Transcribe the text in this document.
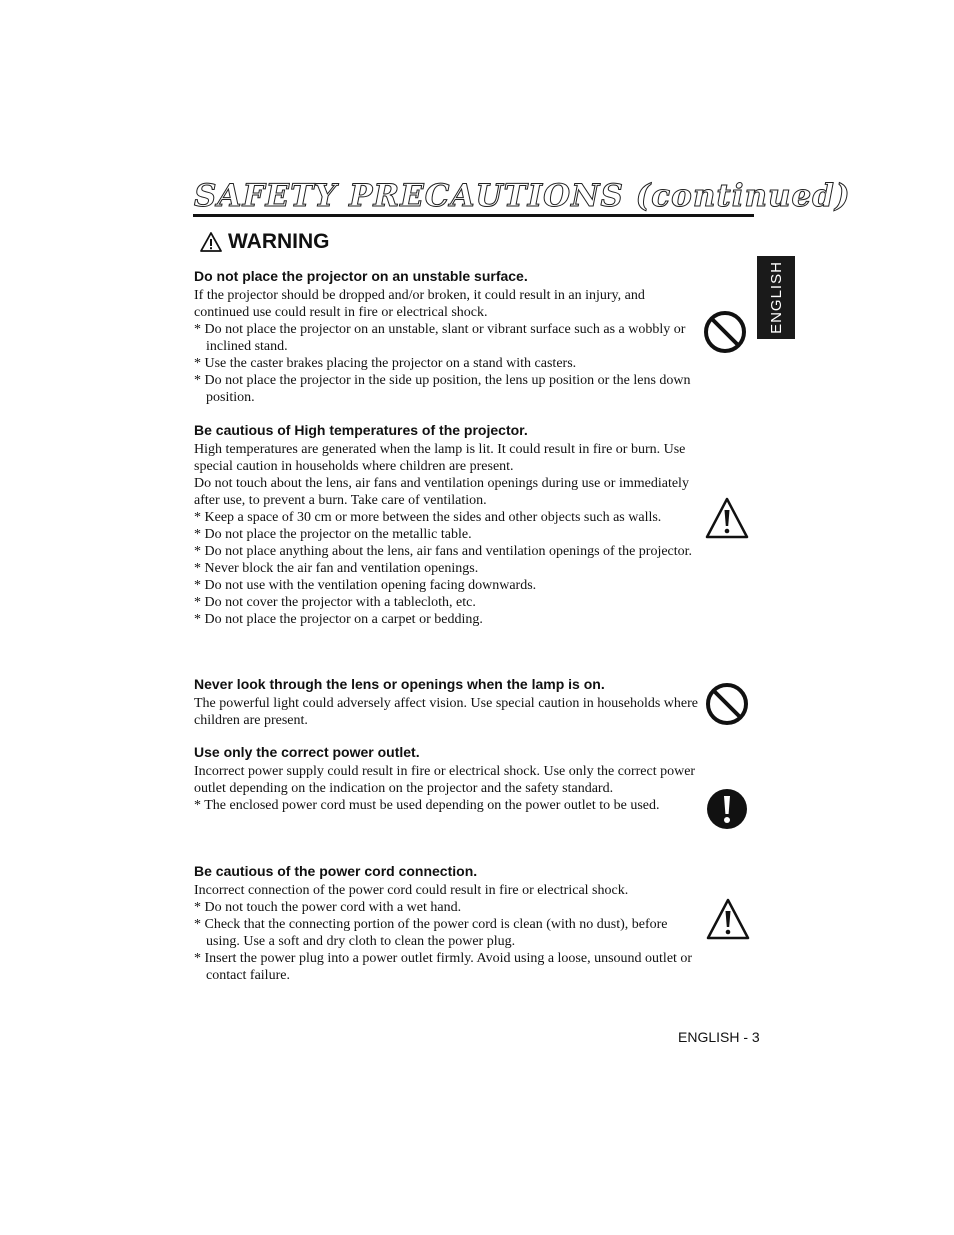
SAFETY PRECAUTIONS (continued)
WARNING
ENGLISH
Do not place the projector on an unstable surface.

If the projector should be dropped and/or broken, it could result in an injury, and continued use could result in fire or electrical shock.

* Do not place the projector on an unstable, slant or vibrant surface such as a wobbly or inclined stand.
* Use the caster brakes placing the projector on a stand with casters.
* Do not place the projector in the side up position, the lens up position or the lens down position.
Be cautious of High temperatures of the projector.

High temperatures are generated when the lamp is lit. It could result in fire or burn. Use special caution in households where children are present.

Do not touch about the lens, air fans and ventilation openings during use or immediately after use, to prevent a burn. Take care of ventilation.

* Keep a space of 30 cm or more between the sides and other objects such as walls.
* Do not place the projector on the metallic table.
* Do not place anything about the lens, air fans and ventilation openings of the projector.
* Never block the air fan and ventilation openings.
* Do not use with the ventilation opening facing downwards.
* Do not cover the projector with a tablecloth, etc.
* Do not place the projector on a carpet or bedding.
Never look through the lens or openings when the lamp is on.

The powerful light could adversely affect vision. Use special caution in households where children are present.

Use only the correct power outlet.

Incorrect power supply could result in fire or electrical shock. Use only the correct power outlet depending on the indication on the projector and the safety standard.

* The enclosed power cord must be used depending on the power outlet to be used.
Be cautious of the power cord connection.

Incorrect connection of the power cord could result in fire or electrical shock.

* Do not touch the power cord with a wet hand.
* Check that the connecting portion of the power cord is clean (with no dust), before using. Use a soft and dry cloth to clean the power plug.
* Insert the power plug into a power outlet firmly. Avoid using a loose, unsound outlet or contact failure.
ENGLISH - 3
